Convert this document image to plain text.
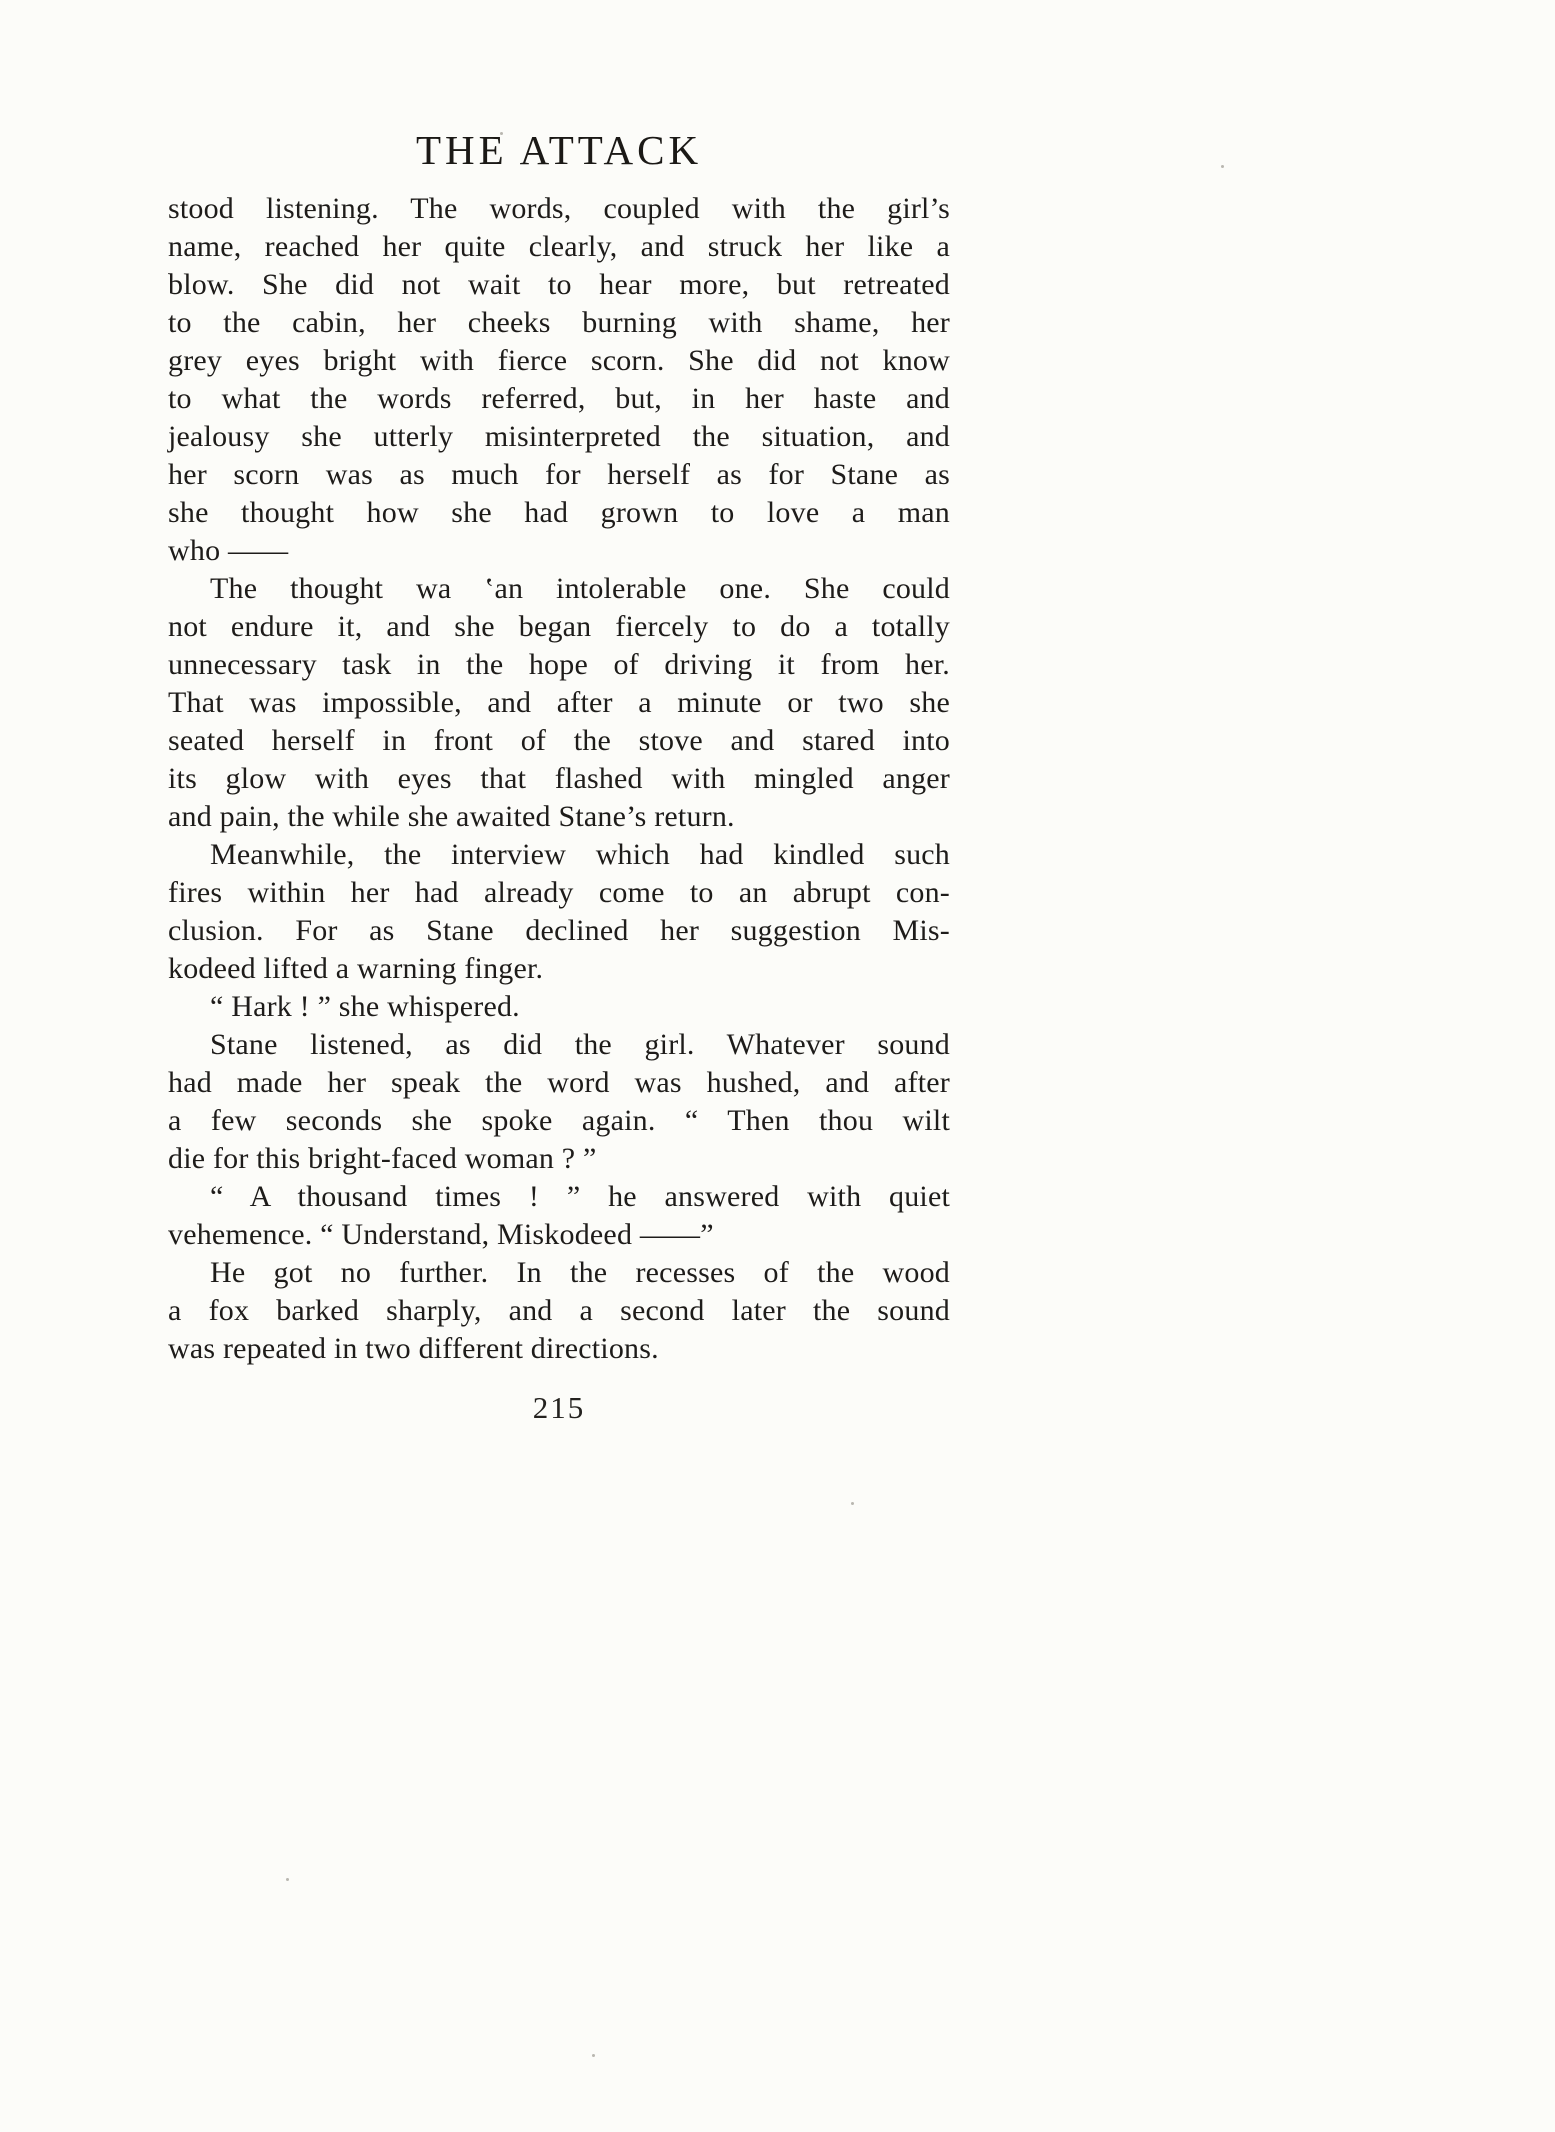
THE ATTACK
stood listening. The words, coupled with the girl’s
name, reached her quite clearly, and struck her like a
blow. She did not wait to hear more, but retreated
to the cabin, her cheeks burning with shame, her
grey eyes bright with fierce scorn. She did not know
to what the words referred, but, in her haste and
jealousy she utterly misinterpreted the situation, and
her scorn was as much for herself as for Stane as
she thought how she had grown to love a man
who ——
The thought wa ‛an intolerable one. She could
not endure it, and she began fiercely to do a totally
unnecessary task in the hope of driving it from her.
That was impossible, and after a minute or two she
seated herself in front of the stove and stared into
its glow with eyes that flashed with mingled anger
and pain, the while she awaited Stane’s return.
Meanwhile, the interview which had kindled such
fires within her had already come to an abrupt con-
clusion. For as Stane declined her suggestion Mis-
kodeed lifted a warning finger.
“ Hark ! ” she whispered.
Stane listened, as did the girl. Whatever sound
had made her speak the word was hushed, and after
a few seconds she spoke again. “ Then thou wilt
die for this bright-faced woman ? ”
“ A thousand times ! ” he answered with quiet
vehemence. “ Understand, Miskodeed ——”
He got no further. In the recesses of the wood
a fox barked sharply, and a second later the sound
was repeated in two different directions.
215
